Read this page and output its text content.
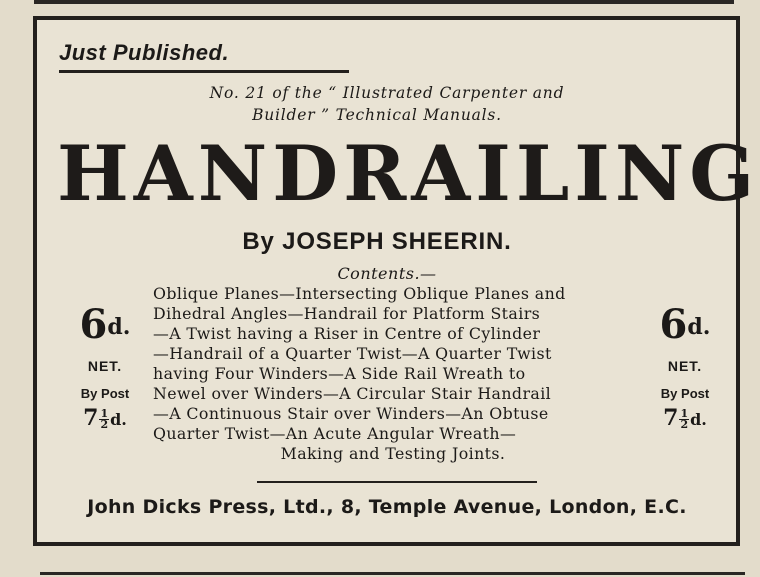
Just Published.
No. 21 of the “ Illustrated Carpenter and
Builder ” Technical Manuals.
HANDRAILING
By JOSEPH SHEERIN.
Contents.—
Oblique Planes—Intersecting Oblique Planes and
Dihedral Angles—Handrail for Platform Stairs
—A Twist having a Riser in Centre of Cylinder
—Handrail of a Quarter Twist—A Quarter Twist
having Four Winders—A Side Rail Wreath to
Newel over Winders—A Circular Stair Handrail
—A Continuous Stair over Winders—An Obtuse
Quarter Twist—An Acute Angular Wreath—
Making and Testing Joints.
$6^{d.}$
NET.
By Post
$7 \frac{1}{2} d$.
$6^{d.}$
NET.
By Post
$7 \frac{1}{2} d$.
John Dicks Press, Ltd., 8, Temple Avenue, London, E.C.
